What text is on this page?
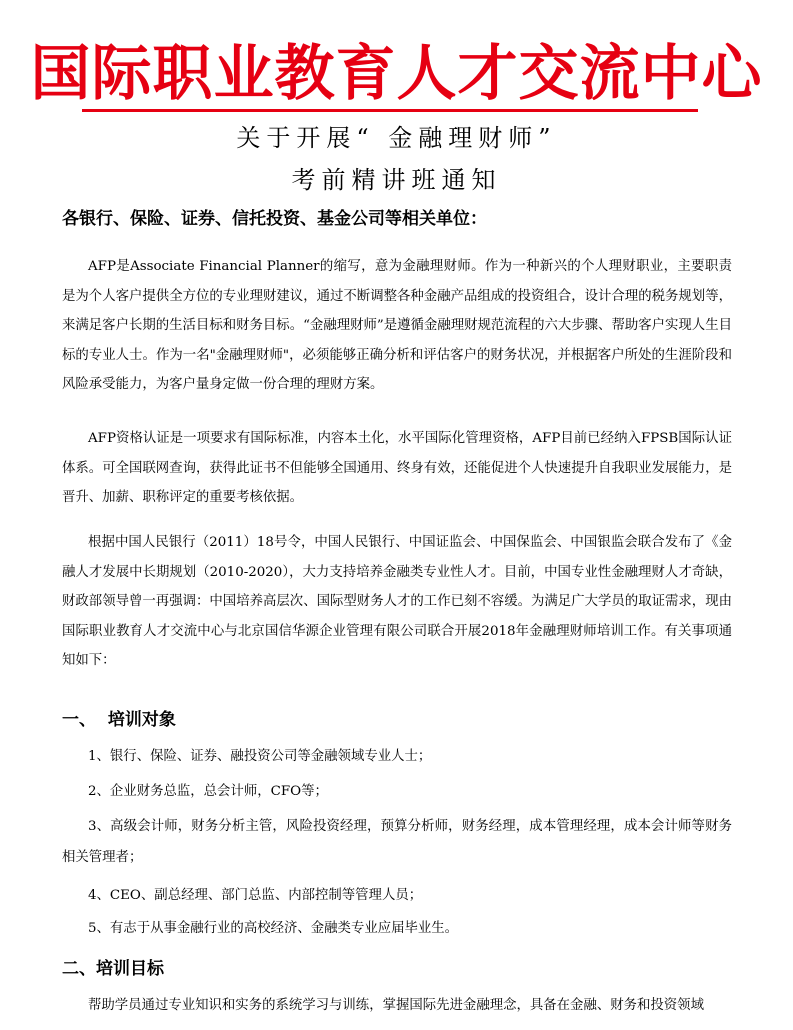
国际职业教育人才交流中心
关于开展“ 金融理财师”
考前精讲班通知
各银行、保险、证券、信托投资、基金公司等相关单位：
AFP是Associate Financial Planner的缩写，意为金融理财师。作为一种新兴的个人理财职业，主要职责是为个人客户提供全方位的专业理财建议，通过不断调整各种金融产品组成的投资组合，设计合理的税务规划等，来满足客户长期的生活目标和财务目标。“金融理财师”是遵循金融理财规范流程的六大步骤、帮助客户实现人生目标的专业人士。作为一名"金融理财师"，必须能够正确分析和评估客户的财务状况，并根据客户所处的生涯阶段和风险承受能力，为客户量身定做一份合理的理财方案。
AFP资格认证是一项要求有国际标准，内容本土化，水平国际化管理资格，AFP目前已经纳入FPSB国际认证体系。可全国联网查询，获得此证书不但能够全国通用、终身有效，还能促进个人快速提升自我职业发展能力，是晋升、加薪、职称评定的重要考核依据。
根据中国人民银行（2011）18号令，中国人民银行、中国证监会、中国保监会、中国银监会联合发布了《金融人才发展中长期规划（2010-2020），大力支持培养金融类专业性人才。目前，中国专业性金融理财人才奇缺，财政部领导曾一再强调：中国培养高层次、国际型财务人才的工作已刻不容缓。为满足广大学员的取证需求，现由国际职业教育人才交流中心与北京国信华源企业管理有限公司联合开展2018年金融理财师培训工作。有关事项通知如下：
一、  培训对象
1、银行、保险、证券、融投资公司等金融领域专业人士；
2、企业财务总监，总会计师，CFO等；
3、高级会计师，财务分析主管，风险投资经理，预算分析师，财务经理，成本管理经理，成本会计师等财务相关管理者；
4、CEO、副总经理、部门总监、内部控制等管理人员；
5、有志于从事金融行业的高校经济、金融类专业应届毕业生。
二、培训目标
帮助学员通过专业知识和实务的系统学习与训练，掌握国际先进金融理念，具备在金融、财务和投资领域
